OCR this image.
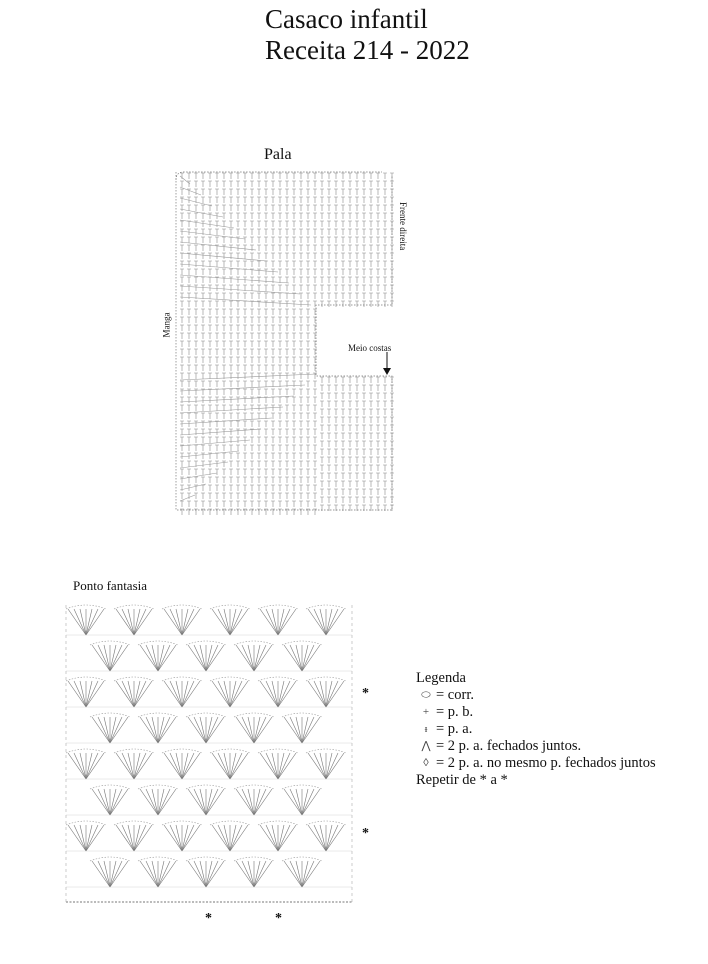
Casaco infantil
Receita 214 - 2022
Pala
Manga
Frente direita
Meio costas
Ponto fantasia
*
*
*	*
Legenda
⬭ = corr.
+ = p. b.
ᵻ = p. a.
⋀ = 2 p. a. fechados juntos.
◊ = 2 p. a. no mesmo p. fechados juntos
Repetir de * a *
